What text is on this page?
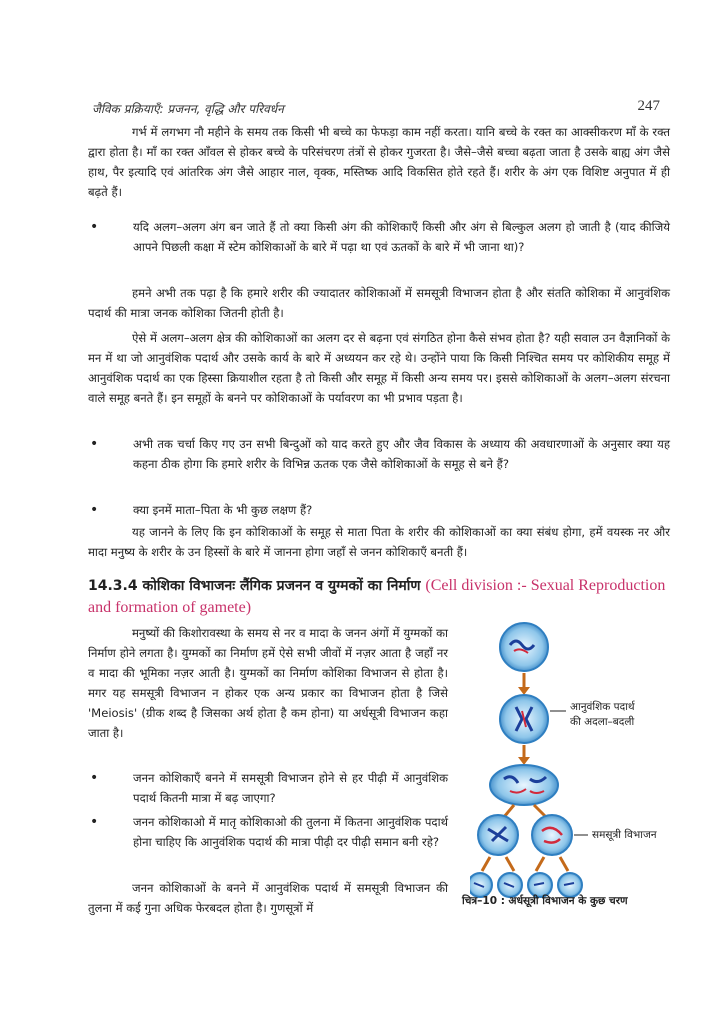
जैविक प्रक्रियाएँ: प्रजनन, वृद्धि और परिवर्धन	247

गर्भ में लगभग नौ महीने के समय तक किसी भी बच्चे का फेफड़ा काम नहीं करता। यानि बच्चे के रक्त का आक्सीकरण माँ के रक्त द्वारा होता है। माँ का रक्त आँवल से होकर बच्चे के परिसंचरण तंत्रों से होकर गुजरता है। जैसे–जैसे बच्चा बढ़ता जाता है उसके बाह्य अंग जैसे हाथ, पैर इत्यादि एवं आंतरिक अंग जैसे आहार नाल, वृक्क, मस्तिष्क आदि विकसित होते रहते हैं। शरीर के अंग एक विशिष्ट अनुपात में ही बढ़ते हैं।

•	यदि अलग–अलग अंग बन जाते हैं तो क्या किसी अंग की कोशिकाएँ किसी और अंग से बिल्कुल अलग हो जाती है (याद कीजिये आपने पिछली कक्षा में स्टेम कोशिकाओं के बारे में पढ़ा था एवं ऊतकों के बारे में भी जाना था)?

हमने अभी तक पढ़ा है कि हमारे शरीर की ज्यादातर कोशिकाओं में समसूत्री विभाजन होता है और संतति कोशिका में आनुवंशिक पदार्थ की मात्रा जनक कोशिका जितनी होती है।

ऐसे में अलग–अलग क्षेत्र की कोशिकाओं का अलग दर से बढ़ना एवं संगठित होना कैसे संभव होता है? यही सवाल उन वैज्ञानिकों के मन में था जो आनुवंशिक पदार्थ और उसके कार्य के बारे में अध्ययन कर रहे थे। उन्होंने पाया कि किसी निश्चित समय पर कोशिकीय समूह में आनुवंशिक पदार्थ का एक हिस्सा क्रियाशील रहता है तो किसी और समूह में किसी अन्य समय पर। इससे कोशिकाओं के अलग–अलग संरचना वाले समूह बनते हैं। इन समूहों के बनने पर कोशिकाओं के पर्यावरण का भी प्रभाव पड़ता है।

•	अभी तक चर्चा किए गए उन सभी बिन्दुओं को याद करते हुए और जैव विकास के अध्याय की अवधारणाओं के अनुसार क्या यह कहना ठीक होगा कि हमारे शरीर के विभिन्न ऊतक एक जैसे कोशिकाओं के समूह से बने हैं?

•	क्या इनमें माता–पिता के भी कुछ लक्षण हैं?

यह जानने के लिए कि इन कोशिकाओं के समूह से माता पिता के शरीर की कोशिकाओं का क्या संबंध होगा, हमें वयस्क नर और मादा मनुष्य के शरीर के उन हिस्सों के बारे में जानना होगा जहाँ से जनन कोशिकाएँ बनती हैं।

14.3.4 कोशिका विभाजनः लैंगिक प्रजनन व युग्मकों का निर्माण (Cell division :- Sexual Reproduction and formation of gamete)

मनुष्यों की किशोरावस्था के समय से नर व मादा के जनन अंगों में युग्मकों का निर्माण होने लगता है। युग्मकों का निर्माण हमें ऐसे सभी जीवों में नज़र आता है जहाँ नर व मादा की भूमिका नज़र आती है। युग्मकों का निर्माण कोशिका विभाजन से होता है। मगर यह समसूत्री विभाजन न होकर एक अन्य प्रकार का विभाजन होता है जिसे 'Meiosis' (ग्रीक शब्द है जिसका अर्थ होता है कम होना) या अर्धसूत्री विभाजन कहा जाता है।

•	जनन कोशिकाएँ बनने में समसूत्री विभाजन होने से हर पीढ़ी में आनुवंशिक पदार्थ कितनी मात्रा में बढ़ जाएगा?

•	जनन कोशिकाओ में मातृ कोशिकाओ की तुलना में कितना आनुवंशिक पदार्थ होना चाहिए कि आनुवंशिक पदार्थ की मात्रा पीढ़ी दर पीढ़ी समान बनी रहे?

जनन कोशिकाओं के बनने में आनुवंशिक पदार्थ में समसूत्री विभाजन की तुलना में कई गुना अधिक फेरबदल होता है। गुणसूत्रों में

आनुवंशिक पदार्थ
की अदला–बदली
समसूत्री विभाजन
चित्र–10 : अर्धसूत्री विभाजन के कुछ चरण
